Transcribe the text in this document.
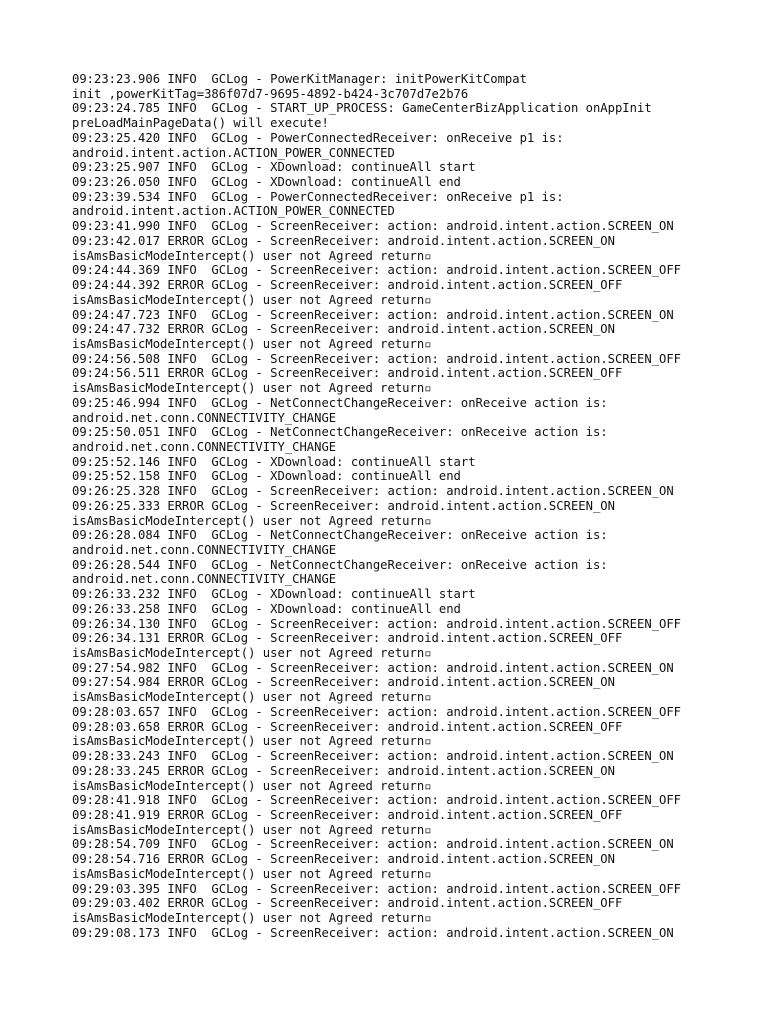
09:23:23.906 INFO  GCLog - PowerKitManager: initPowerKitCompat
init ,powerKitTag=386f07d7-9695-4892-b424-3c707d7e2b76
09:23:24.785 INFO  GCLog - START_UP_PROCESS: GameCenterBizApplication onAppInit
preLoadMainPageData() will execute!
09:23:25.420 INFO  GCLog - PowerConnectedReceiver: onReceive p1 is:
android.intent.action.ACTION_POWER_CONNECTED
09:23:25.907 INFO  GCLog - XDownload: continueAll start
09:23:26.050 INFO  GCLog - XDownload: continueAll end
09:23:39.534 INFO  GCLog - PowerConnectedReceiver: onReceive p1 is:
android.intent.action.ACTION_POWER_CONNECTED
09:23:41.990 INFO  GCLog - ScreenReceiver: action: android.intent.action.SCREEN_ON
09:23:42.017 ERROR GCLog - ScreenReceiver: android.intent.action.SCREEN_ON
isAmsBasicModeIntercept() user not Agreed return▫
09:24:44.369 INFO  GCLog - ScreenReceiver: action: android.intent.action.SCREEN_OFF
09:24:44.392 ERROR GCLog - ScreenReceiver: android.intent.action.SCREEN_OFF
isAmsBasicModeIntercept() user not Agreed return▫
09:24:47.723 INFO  GCLog - ScreenReceiver: action: android.intent.action.SCREEN_ON
09:24:47.732 ERROR GCLog - ScreenReceiver: android.intent.action.SCREEN_ON
isAmsBasicModeIntercept() user not Agreed return▫
09:24:56.508 INFO  GCLog - ScreenReceiver: action: android.intent.action.SCREEN_OFF
09:24:56.511 ERROR GCLog - ScreenReceiver: android.intent.action.SCREEN_OFF
isAmsBasicModeIntercept() user not Agreed return▫
09:25:46.994 INFO  GCLog - NetConnectChangeReceiver: onReceive action is:
android.net.conn.CONNECTIVITY_CHANGE
09:25:50.051 INFO  GCLog - NetConnectChangeReceiver: onReceive action is:
android.net.conn.CONNECTIVITY_CHANGE
09:25:52.146 INFO  GCLog - XDownload: continueAll start
09:25:52.158 INFO  GCLog - XDownload: continueAll end
09:26:25.328 INFO  GCLog - ScreenReceiver: action: android.intent.action.SCREEN_ON
09:26:25.333 ERROR GCLog - ScreenReceiver: android.intent.action.SCREEN_ON
isAmsBasicModeIntercept() user not Agreed return▫
09:26:28.084 INFO  GCLog - NetConnectChangeReceiver: onReceive action is:
android.net.conn.CONNECTIVITY_CHANGE
09:26:28.544 INFO  GCLog - NetConnectChangeReceiver: onReceive action is:
android.net.conn.CONNECTIVITY_CHANGE
09:26:33.232 INFO  GCLog - XDownload: continueAll start
09:26:33.258 INFO  GCLog - XDownload: continueAll end
09:26:34.130 INFO  GCLog - ScreenReceiver: action: android.intent.action.SCREEN_OFF
09:26:34.131 ERROR GCLog - ScreenReceiver: android.intent.action.SCREEN_OFF
isAmsBasicModeIntercept() user not Agreed return▫
09:27:54.982 INFO  GCLog - ScreenReceiver: action: android.intent.action.SCREEN_ON
09:27:54.984 ERROR GCLog - ScreenReceiver: android.intent.action.SCREEN_ON
isAmsBasicModeIntercept() user not Agreed return▫
09:28:03.657 INFO  GCLog - ScreenReceiver: action: android.intent.action.SCREEN_OFF
09:28:03.658 ERROR GCLog - ScreenReceiver: android.intent.action.SCREEN_OFF
isAmsBasicModeIntercept() user not Agreed return▫
09:28:33.243 INFO  GCLog - ScreenReceiver: action: android.intent.action.SCREEN_ON
09:28:33.245 ERROR GCLog - ScreenReceiver: android.intent.action.SCREEN_ON
isAmsBasicModeIntercept() user not Agreed return▫
09:28:41.918 INFO  GCLog - ScreenReceiver: action: android.intent.action.SCREEN_OFF
09:28:41.919 ERROR GCLog - ScreenReceiver: android.intent.action.SCREEN_OFF
isAmsBasicModeIntercept() user not Agreed return▫
09:28:54.709 INFO  GCLog - ScreenReceiver: action: android.intent.action.SCREEN_ON
09:28:54.716 ERROR GCLog - ScreenReceiver: android.intent.action.SCREEN_ON
isAmsBasicModeIntercept() user not Agreed return▫
09:29:03.395 INFO  GCLog - ScreenReceiver: action: android.intent.action.SCREEN_OFF
09:29:03.402 ERROR GCLog - ScreenReceiver: android.intent.action.SCREEN_OFF
isAmsBasicModeIntercept() user not Agreed return▫
09:29:08.173 INFO  GCLog - ScreenReceiver: action: android.intent.action.SCREEN_ON
